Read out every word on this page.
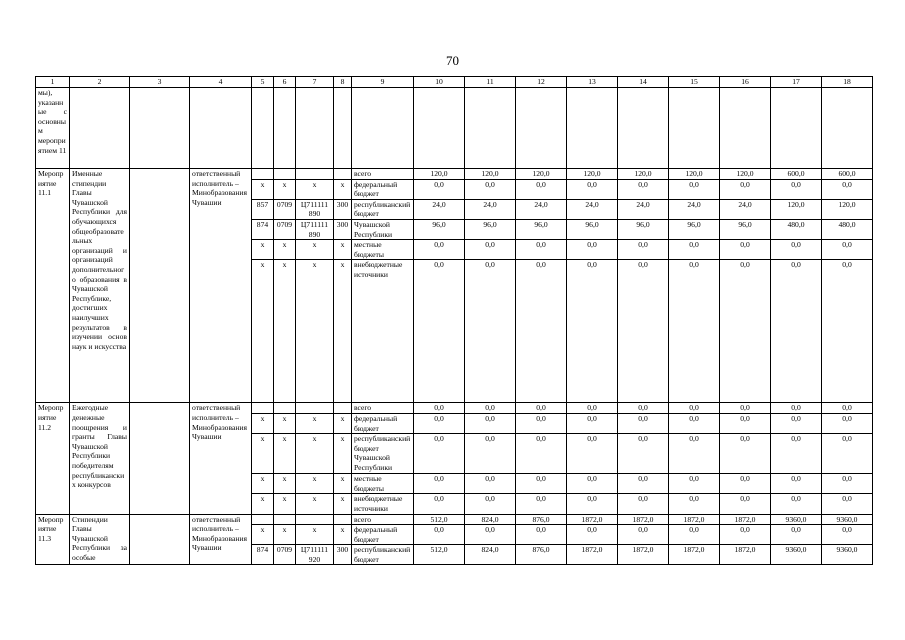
70
1	2	3	4	5	6	7	8	9	10	11	12	13	14	15	16	17	18
мы), указанные с основным мероприятием 11																	
Мероприятие 11.1	Именные стипендии Главы Чувашской Республики для обучающихся общеобразовательных организаций и организаций дополнительного образования в Чувашской Республике, достигших наилучших результатов в изучении основ наук и искусства		ответственный исполнитель – Минобразования Чувашии					всего	120,0	120,0	120,0	120,0	120,0	120,0	120,0	600,0	600,0
				х	х	х	х	федеральный бюджет	0,0	0,0	0,0	0,0	0,0	0,0	0,0	0,0	0,0
				857	0709	Ц711111 890	300	республиканский бюджет	24,0	24,0	24,0	24,0	24,0	24,0	24,0	120,0	120,0
				874	0709	Ц711111 890	300	Чувашской Республики	96,0	96,0	96,0	96,0	96,0	96,0	96,0	480,0	480,0
				х	х	х	х	местные бюджеты	0,0	0,0	0,0	0,0	0,0	0,0	0,0	0,0	0,0
				х	х	х	х	внебюджетные источники	0,0	0,0	0,0	0,0	0,0	0,0	0,0	0,0	0,0
Мероприятие 11.2	Ежегодные денежные поощрения и гранты Главы Чувашской Республики победителям республиканских конкурсов		ответственный исполнитель – Минобразования Чувашии					всего	0,0	0,0	0,0	0,0	0,0	0,0	0,0	0,0	0,0
				х	х	х	х	федеральный бюджет	0,0	0,0	0,0	0,0	0,0	0,0	0,0	0,0	0,0
				х	х	х	х	республиканский бюджет Чувашской Республики	0,0	0,0	0,0	0,0	0,0	0,0	0,0	0,0	0,0
				х	х	х	х	местные бюджеты	0,0	0,0	0,0	0,0	0,0	0,0	0,0	0,0	0,0
				х	х	х	х	внебюджетные источники	0,0	0,0	0,0	0,0	0,0	0,0	0,0	0,0	0,0
Мероприятие 11.3	Стипендии Главы Чувашской Республики за особые		ответственный исполнитель – Минобразования Чувашии					всего	512,0	824,0	876,0	1872,0	1872,0	1872,0	1872,0	9360,0	9360,0
				х	х	х	х	федеральный бюджет	0,0	0,0	0,0	0,0	0,0	0,0	0,0	0,0	0,0
				874	0709	Ц711111 920	300	республиканский бюджет	512,0	824,0	876,0	1872,0	1872,0	1872,0	1872,0	9360,0	9360,0
